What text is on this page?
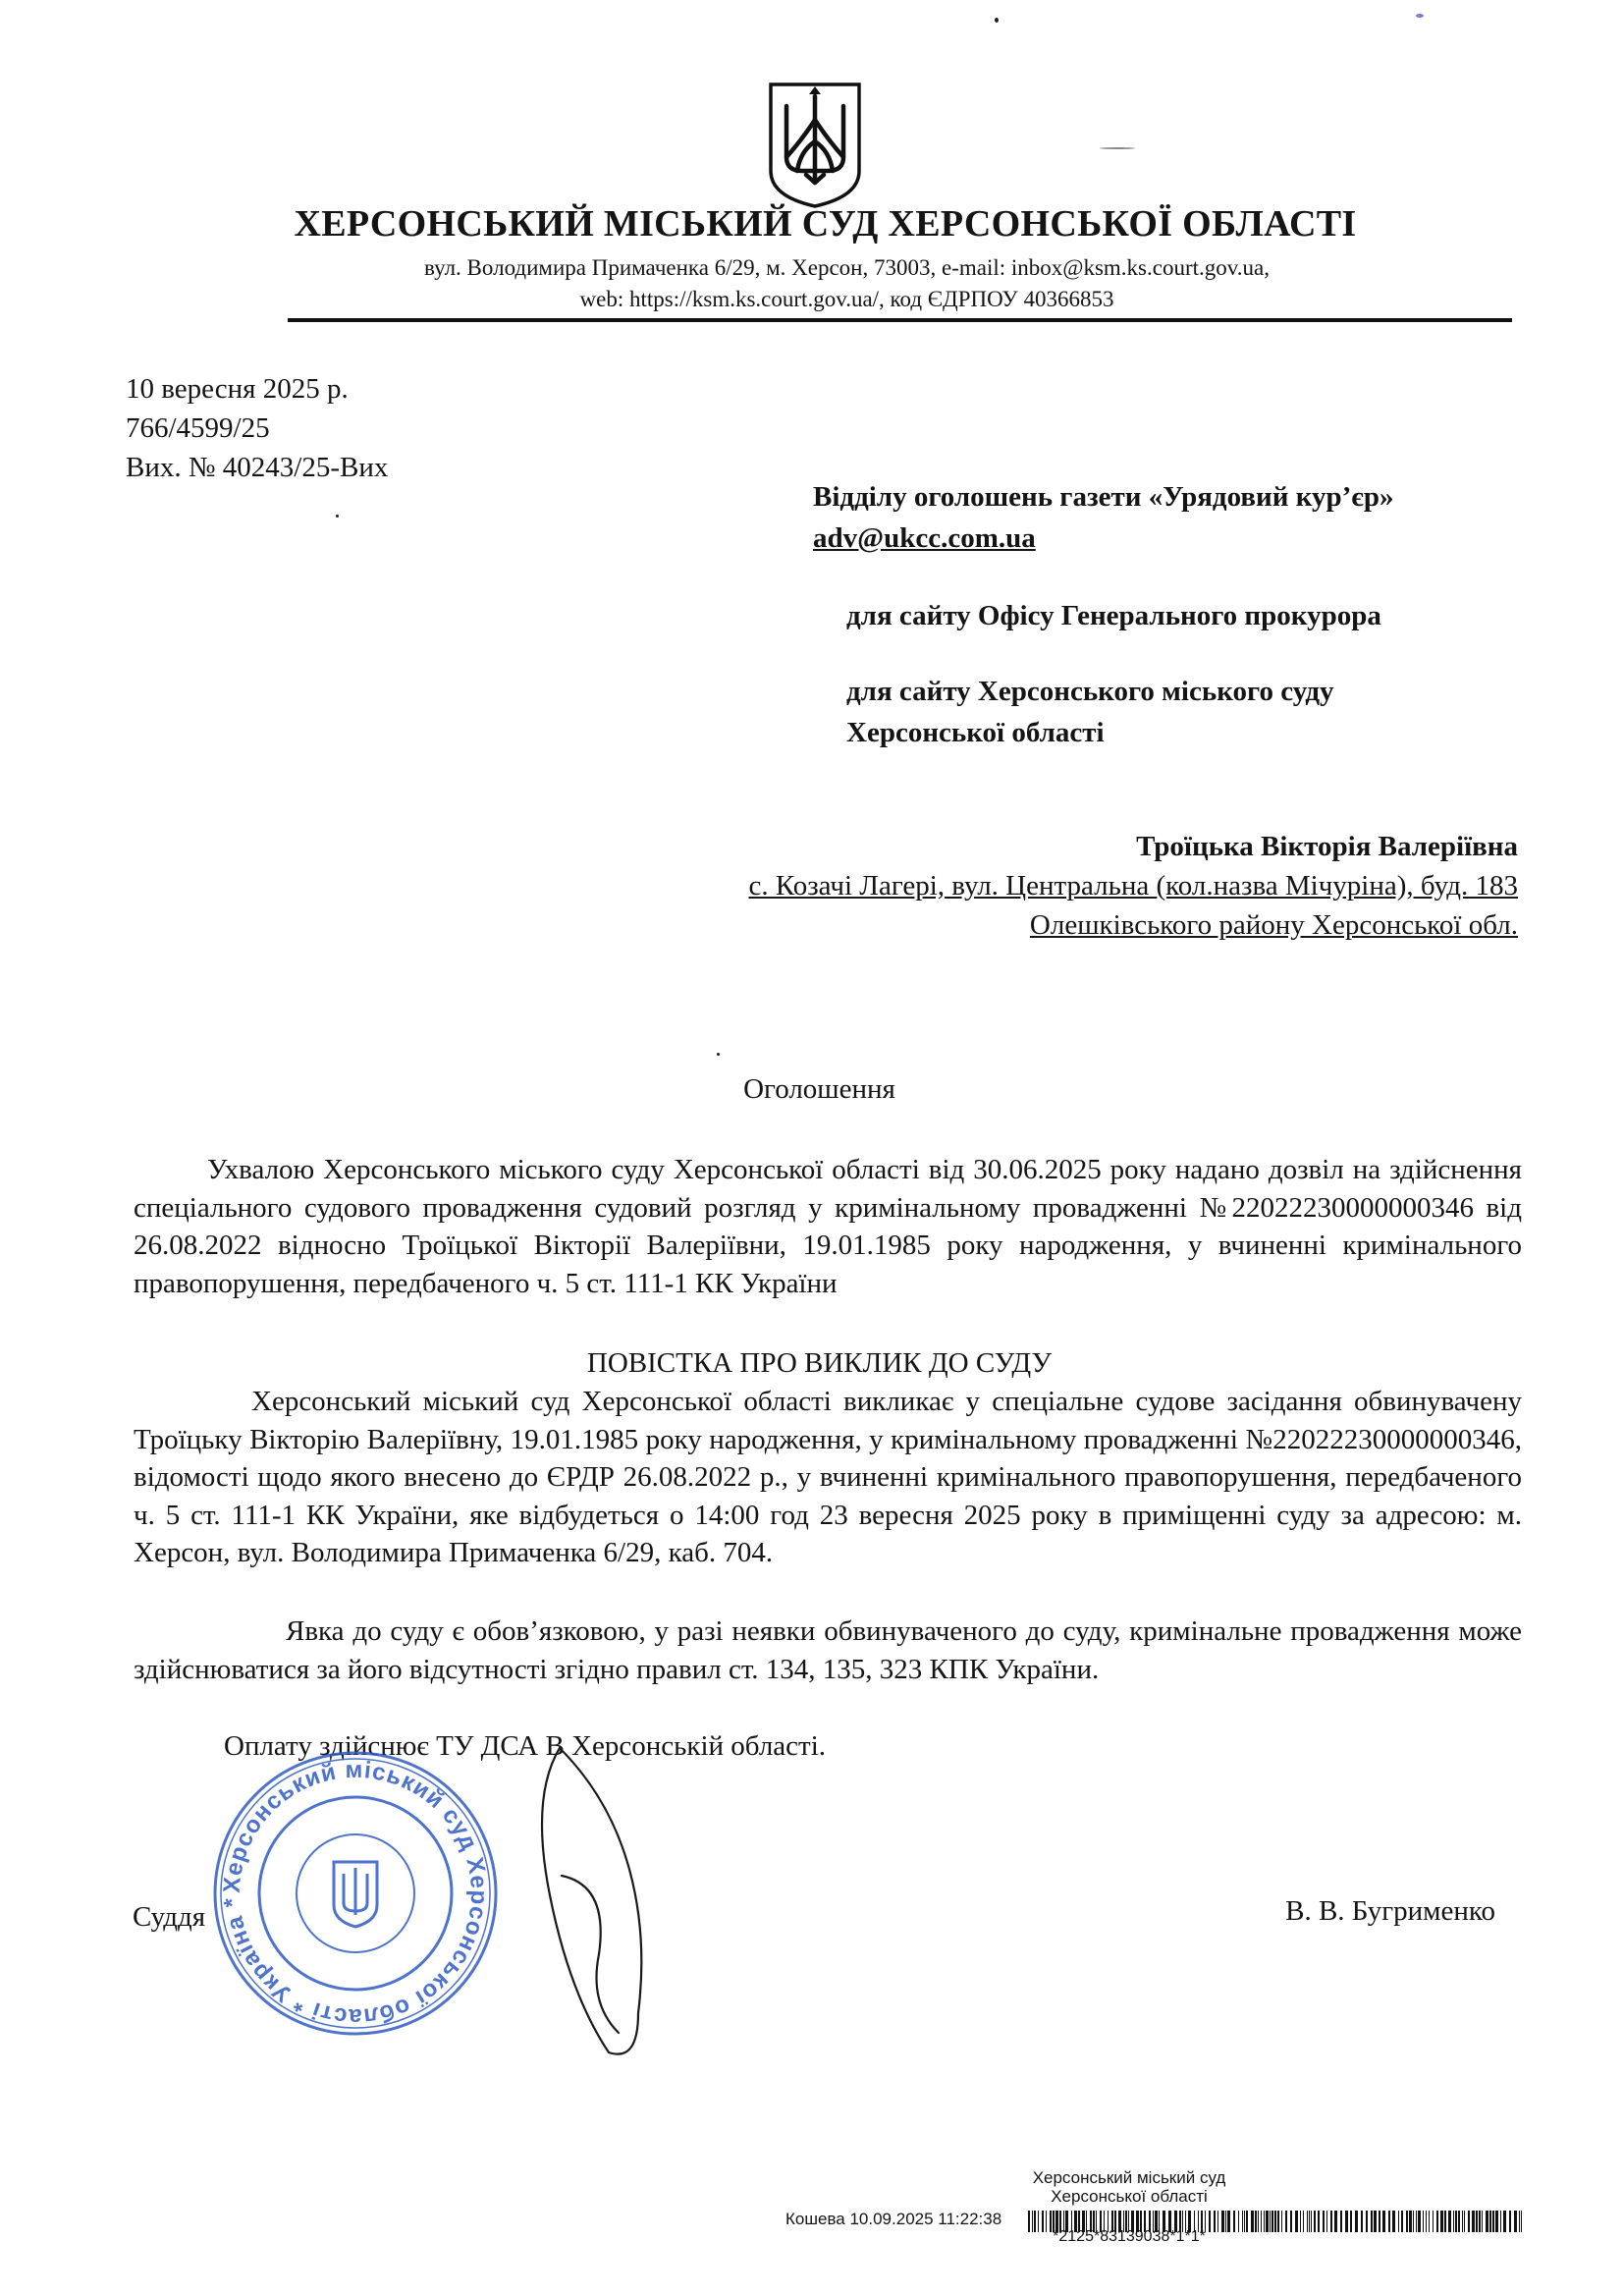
ХЕРСОНСЬКИЙ МІСЬКИЙ СУД ХЕРСОНСЬКОЇ ОБЛАСТІ
вул. Володимира Примаченка 6/29, м. Херсон, 73003, e-mail: inbox@ksm.ks.court.gov.ua,
web: https://ksm.ks.court.gov.ua/, код ЄДРПОУ 40366853
10 вересня 2025 р.
766/4599/25
Вих. № 40243/25-Вих
Відділу оголошень газети «Урядовий кур’єр»
adv@ukcc.com.ua
для сайту Офісу Генерального прокурора
для сайту Херсонського міського суду
Херсонської області
Троїцька Вікторія Валеріївна
с. Козачі Лагері, вул. Центральна (кол.назва Мічуріна), буд. 183
Олешківського району Херсонської обл.
Оголошення
Ухвалою Херсонського міського суду Херсонської області від 30.06.2025 року надано дозвіл на здійснення спеціального судового провадження судовий розгляд у кримінальному провадженні №22022230000000346 від 26.08.2022 відносно Троїцької Вікторії Валеріївни, 19.01.1985 року народження, у вчиненні кримінального правопорушення, передбаченого ч. 5 ст. 111-1 КК України
ПОВІСТКА ПРО ВИКЛИК ДО СУДУ
Херсонський міський суд Херсонської області викликає у спеціальне судове засідання обвинувачену Троїцьку Вікторію Валеріївну, 19.01.1985 року народження, у кримінальному провадженні №22022230000000346, відомості щодо якого внесено до ЄРДР 26.08.2022 р., у вчиненні кримінального правопорушення, передбаченого ч. 5 ст. 111-1 КК України, яке відбудеться о 14:00 год 23 вересня 2025 року в приміщенні суду за адресою: м. Херсон, вул. Володимира Примаченка 6/29, каб. 704.
Явка до суду є обов’язковою, у разі неявки обвинуваченого до суду, кримінальне провадження може здійснюватися за його відсутності згідно правил ст. 134, 135, 323 КПК України.
Оплату здійснює ТУ ДСА В Херсонській області.
Суддя
Херсонський міський суд Херсонської області * Україна *	В. В. Бугрименко
Херсонський міський суд
Херсонської області
Кошева 10.09.2025 11:22:38
*2125*83139038*1*1*
